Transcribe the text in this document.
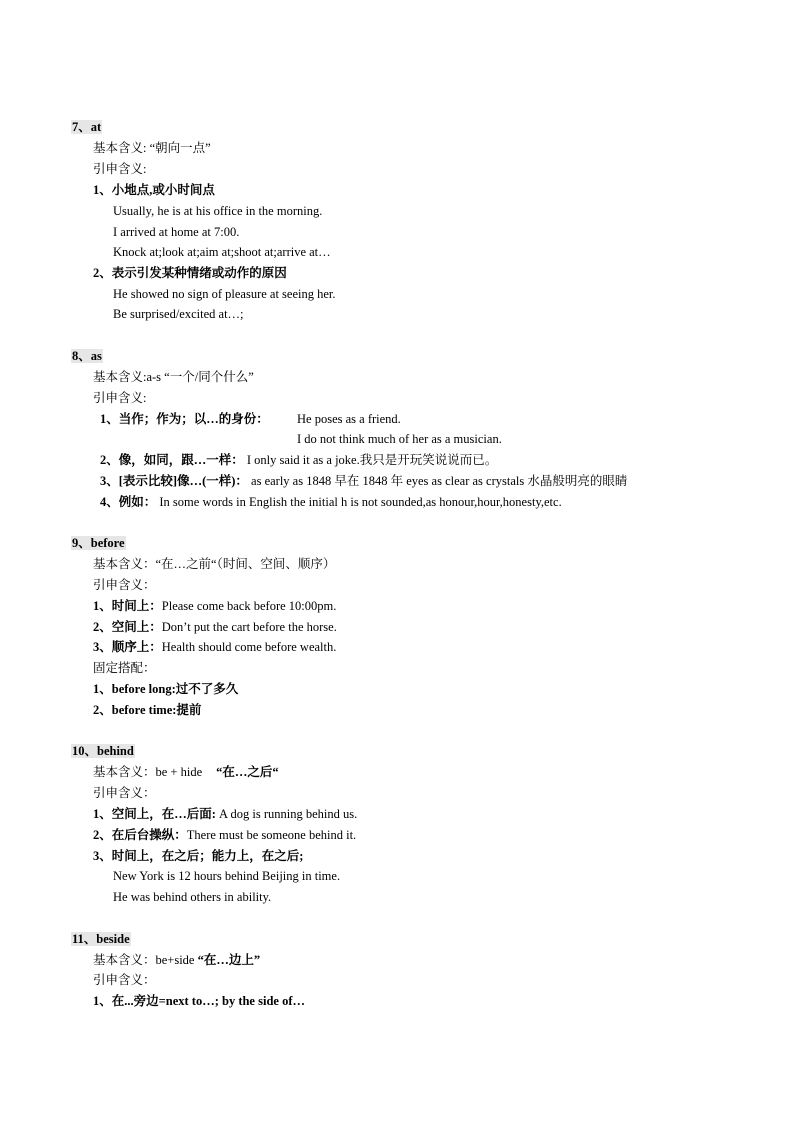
7、at
基本含义: “朝向一点”
引申含义:
1、小地点,或小时间点
Usually, he is at his office in the morning.
I arrived at home at 7:00.
Knock at;look at;aim at;shoot at;arrive at…
2、表示引发某种情绪或动作的原因
He showed no sign of pleasure at seeing her.
Be surprised/excited at…;
8、as
基本含义:a-s “一个/同个什么”
引申含义:
1、当作；作为；以…的身份： He poses as a friend.
I do not think much of her as a musician.
2、像，如同，跟…一样： I only said it as a joke.我只是开玩笑说说而已。
3、[表示比较]像…(一样)： as early as 1848 早在 1848 年 eyes as clear as crystals 水晶般明亮的眼睛
4、例如： In some words in English the initial h is not sounded,as honour,hour,honesty,etc.
9、before
基本含义：“在…之前“（时间、空间、顺序）
引申含义：
1、时间上：Please come back before 10:00pm.
2、空间上：Don’t put the cart before the horse.
3、顺序上：Health should come before wealth.
固定搭配：
1、before long:过不了多久
2、before time:提前
10、behind
基本含义：be + hide “在…之后“
引申含义：
1、空间上，在…后面: A dog is running behind us.
2、在后台操纵：There must be someone behind it.
3、时间上，在之后；能力上，在之后;
New York is 12 hours behind Beijing in time.
He was behind others in ability.
11、beside
基本含义：be+side “在…边上”
引申含义：
1、在...旁边=next to…; by the side of…
